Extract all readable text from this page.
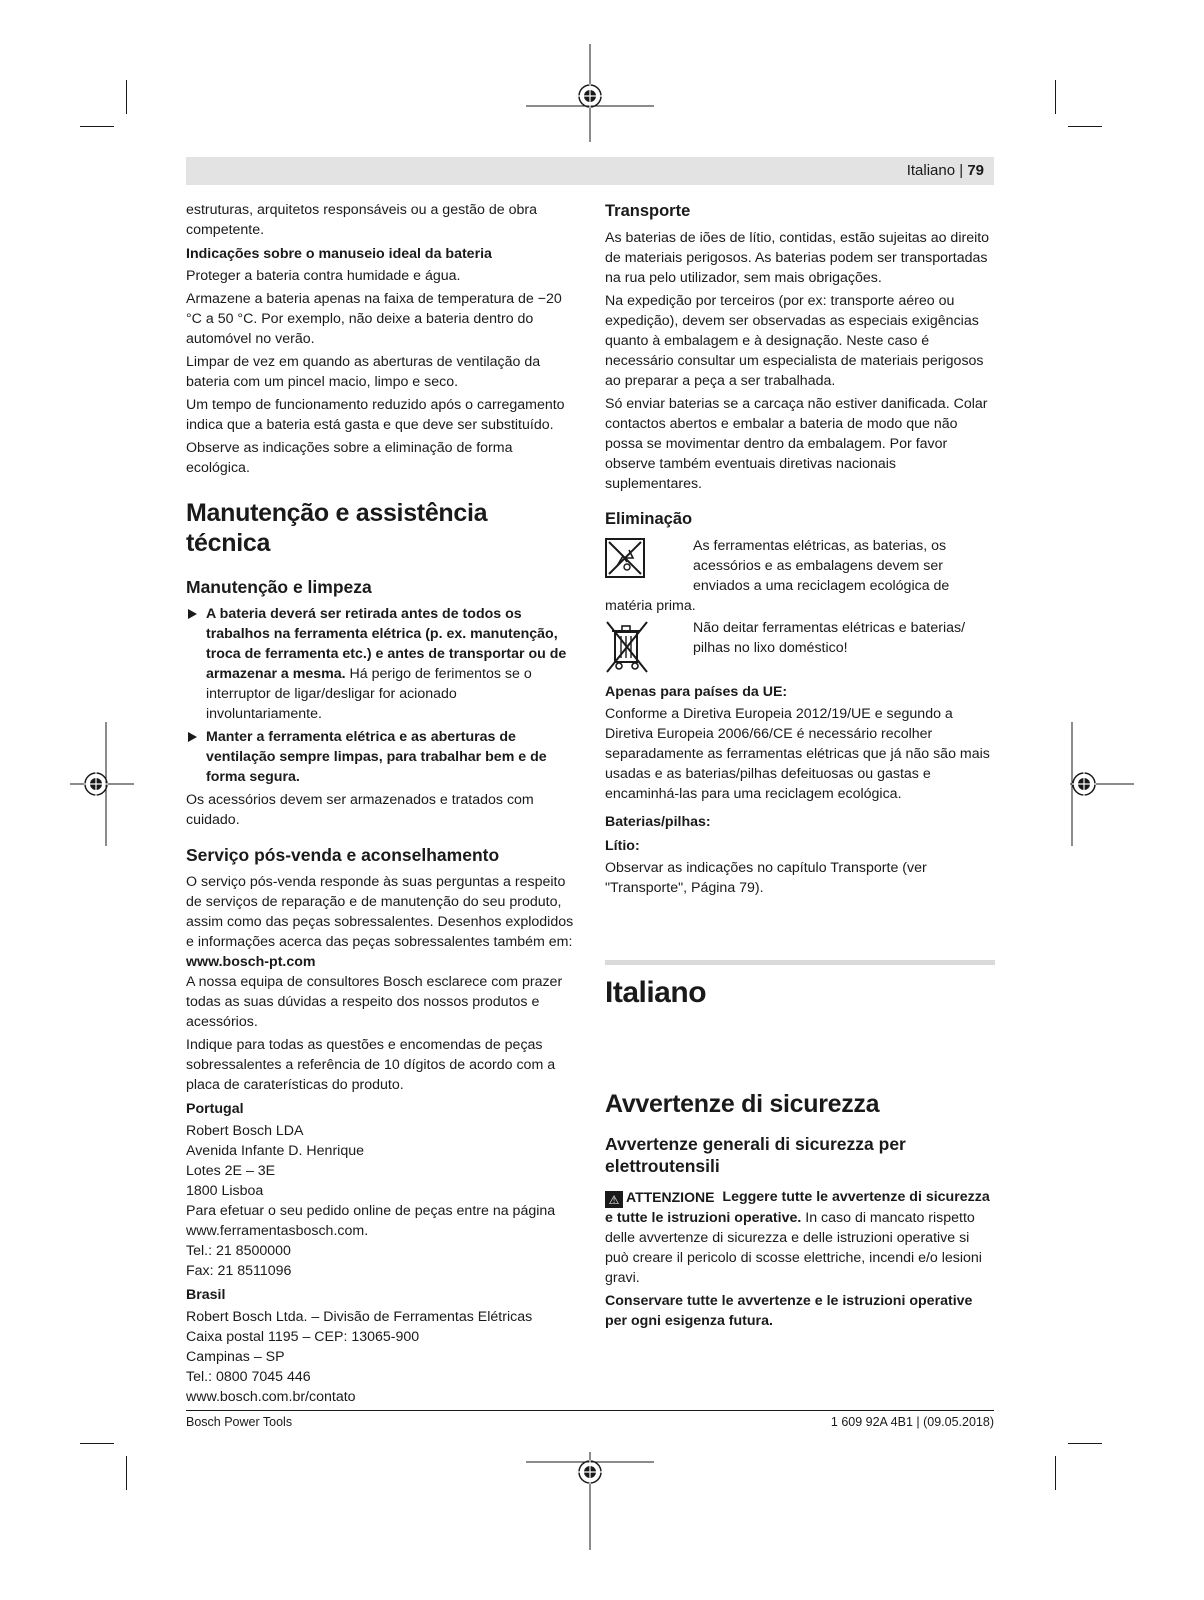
Italiano | 79

estruturas, arquitetos responsáveis ou a gestão de obra competente.

Indicações sobre o manuseio ideal da bateria

Proteger a bateria contra humidade e água.

Armazene a bateria apenas na faixa de temperatura de −20 °C a 50 °C. Por exemplo, não deixe a bateria dentro do automóvel no verão.

Limpar de vez em quando as aberturas de ventilação da bateria com um pincel macio, limpo e seco.

Um tempo de funcionamento reduzido após o carregamento indica que a bateria está gasta e que deve ser substituído.

Observe as indicações sobre a eliminação de forma ecológica.

Manutenção e assistência técnica
Manutenção e limpeza
A bateria deverá ser retirada antes de todos os trabalhos na ferramenta elétrica (p. ex. manutenção, troca de ferramenta etc.) e antes de transportar ou de armazenar a mesma. Há perigo de ferimentos se o interruptor de ligar/desligar for acionado involuntariamente.
Manter a ferramenta elétrica e as aberturas de ventilação sempre limpas, para trabalhar bem e de forma segura.

Os acessórios devem ser armazenados e tratados com cuidado.

Serviço pós-venda e aconselhamento

O serviço pós-venda responde às suas perguntas a respeito de serviços de reparação e de manutenção do seu produto, assim como das peças sobressalentes. Desenhos explodidos e informações acerca das peças sobressalentes também em:

www.bosch-pt.com

A nossa equipa de consultores Bosch esclarece com prazer todas as suas dúvidas a respeito dos nossos produtos e acessórios.

Indique para todas as questões e encomendas de peças sobressalentes a referência de 10 dígitos de acordo com a placa de caraterísticas do produto.

Portugal

Robert Bosch LDA
Avenida Infante D. Henrique
Lotes 2E – 3E
1800 Lisboa
Para efetuar o seu pedido online de peças entre na página www.ferramentasbosch.com.
Tel.: 21 8500000
Fax: 21 8511096

Brasil

Robert Bosch Ltda. – Divisão de Ferramentas Elétricas
Caixa postal 1195 – CEP: 13065-900
Campinas – SP
Tel.: 0800 7045 446
www.bosch.com.br/contato
Transporte

As baterias de iões de lítio, contidas, estão sujeitas ao direito de materiais perigosos. As baterias podem ser transportadas na rua pelo utilizador, sem mais obrigações.

Na expedição por terceiros (por ex: transporte aéreo ou expedição), devem ser observadas as especiais exigências quanto à embalagem e à designação. Neste caso é necessário consultar um especialista de materiais perigosos ao preparar a peça a ser trabalhada.

Só enviar baterias se a carcaça não estiver danificada. Colar contactos abertos e embalar a bateria de modo que não possa se movimentar dentro da embalagem. Por favor observe também eventuais diretivas nacionais suplementares.

Eliminação
As ferramentas elétricas, as baterias, os acessórios e as embalagens devem ser enviados a uma reciclagem ecológica de

matéria prima.

Não deitar ferramentas elétricas e baterias/ pilhas no lixo doméstico!

Apenas para países da UE:

Conforme a Diretiva Europeia 2012/19/UE e segundo a Diretiva Europeia 2006/66/CE é necessário recolher separadamente as ferramentas elétricas que já não são mais usadas e as baterias/pilhas defeituosas ou gastas e encaminhá-las para uma reciclagem ecológica.

Baterias/pilhas:

Lítio:

Observar as indicações no capítulo Transporte (ver "Transporte", Página 79).

Italiano
Avvertenze di sicurezza
Avvertenze generali di sicurezza per elettroutensili

⚠ ATTENZIONE Leggere tutte le avvertenze di sicurezza e tutte le istruzioni operative. In caso di mancato rispetto delle avvertenze di sicurezza e delle istruzioni operative si può creare il pericolo di scosse elettriche, incendi e/o lesioni gravi.

Conservare tutte le avvertenze e le istruzioni operative per ogni esigenza futura.

Bosch Power Tools	1 609 92A 4B1 | (09.05.2018)
